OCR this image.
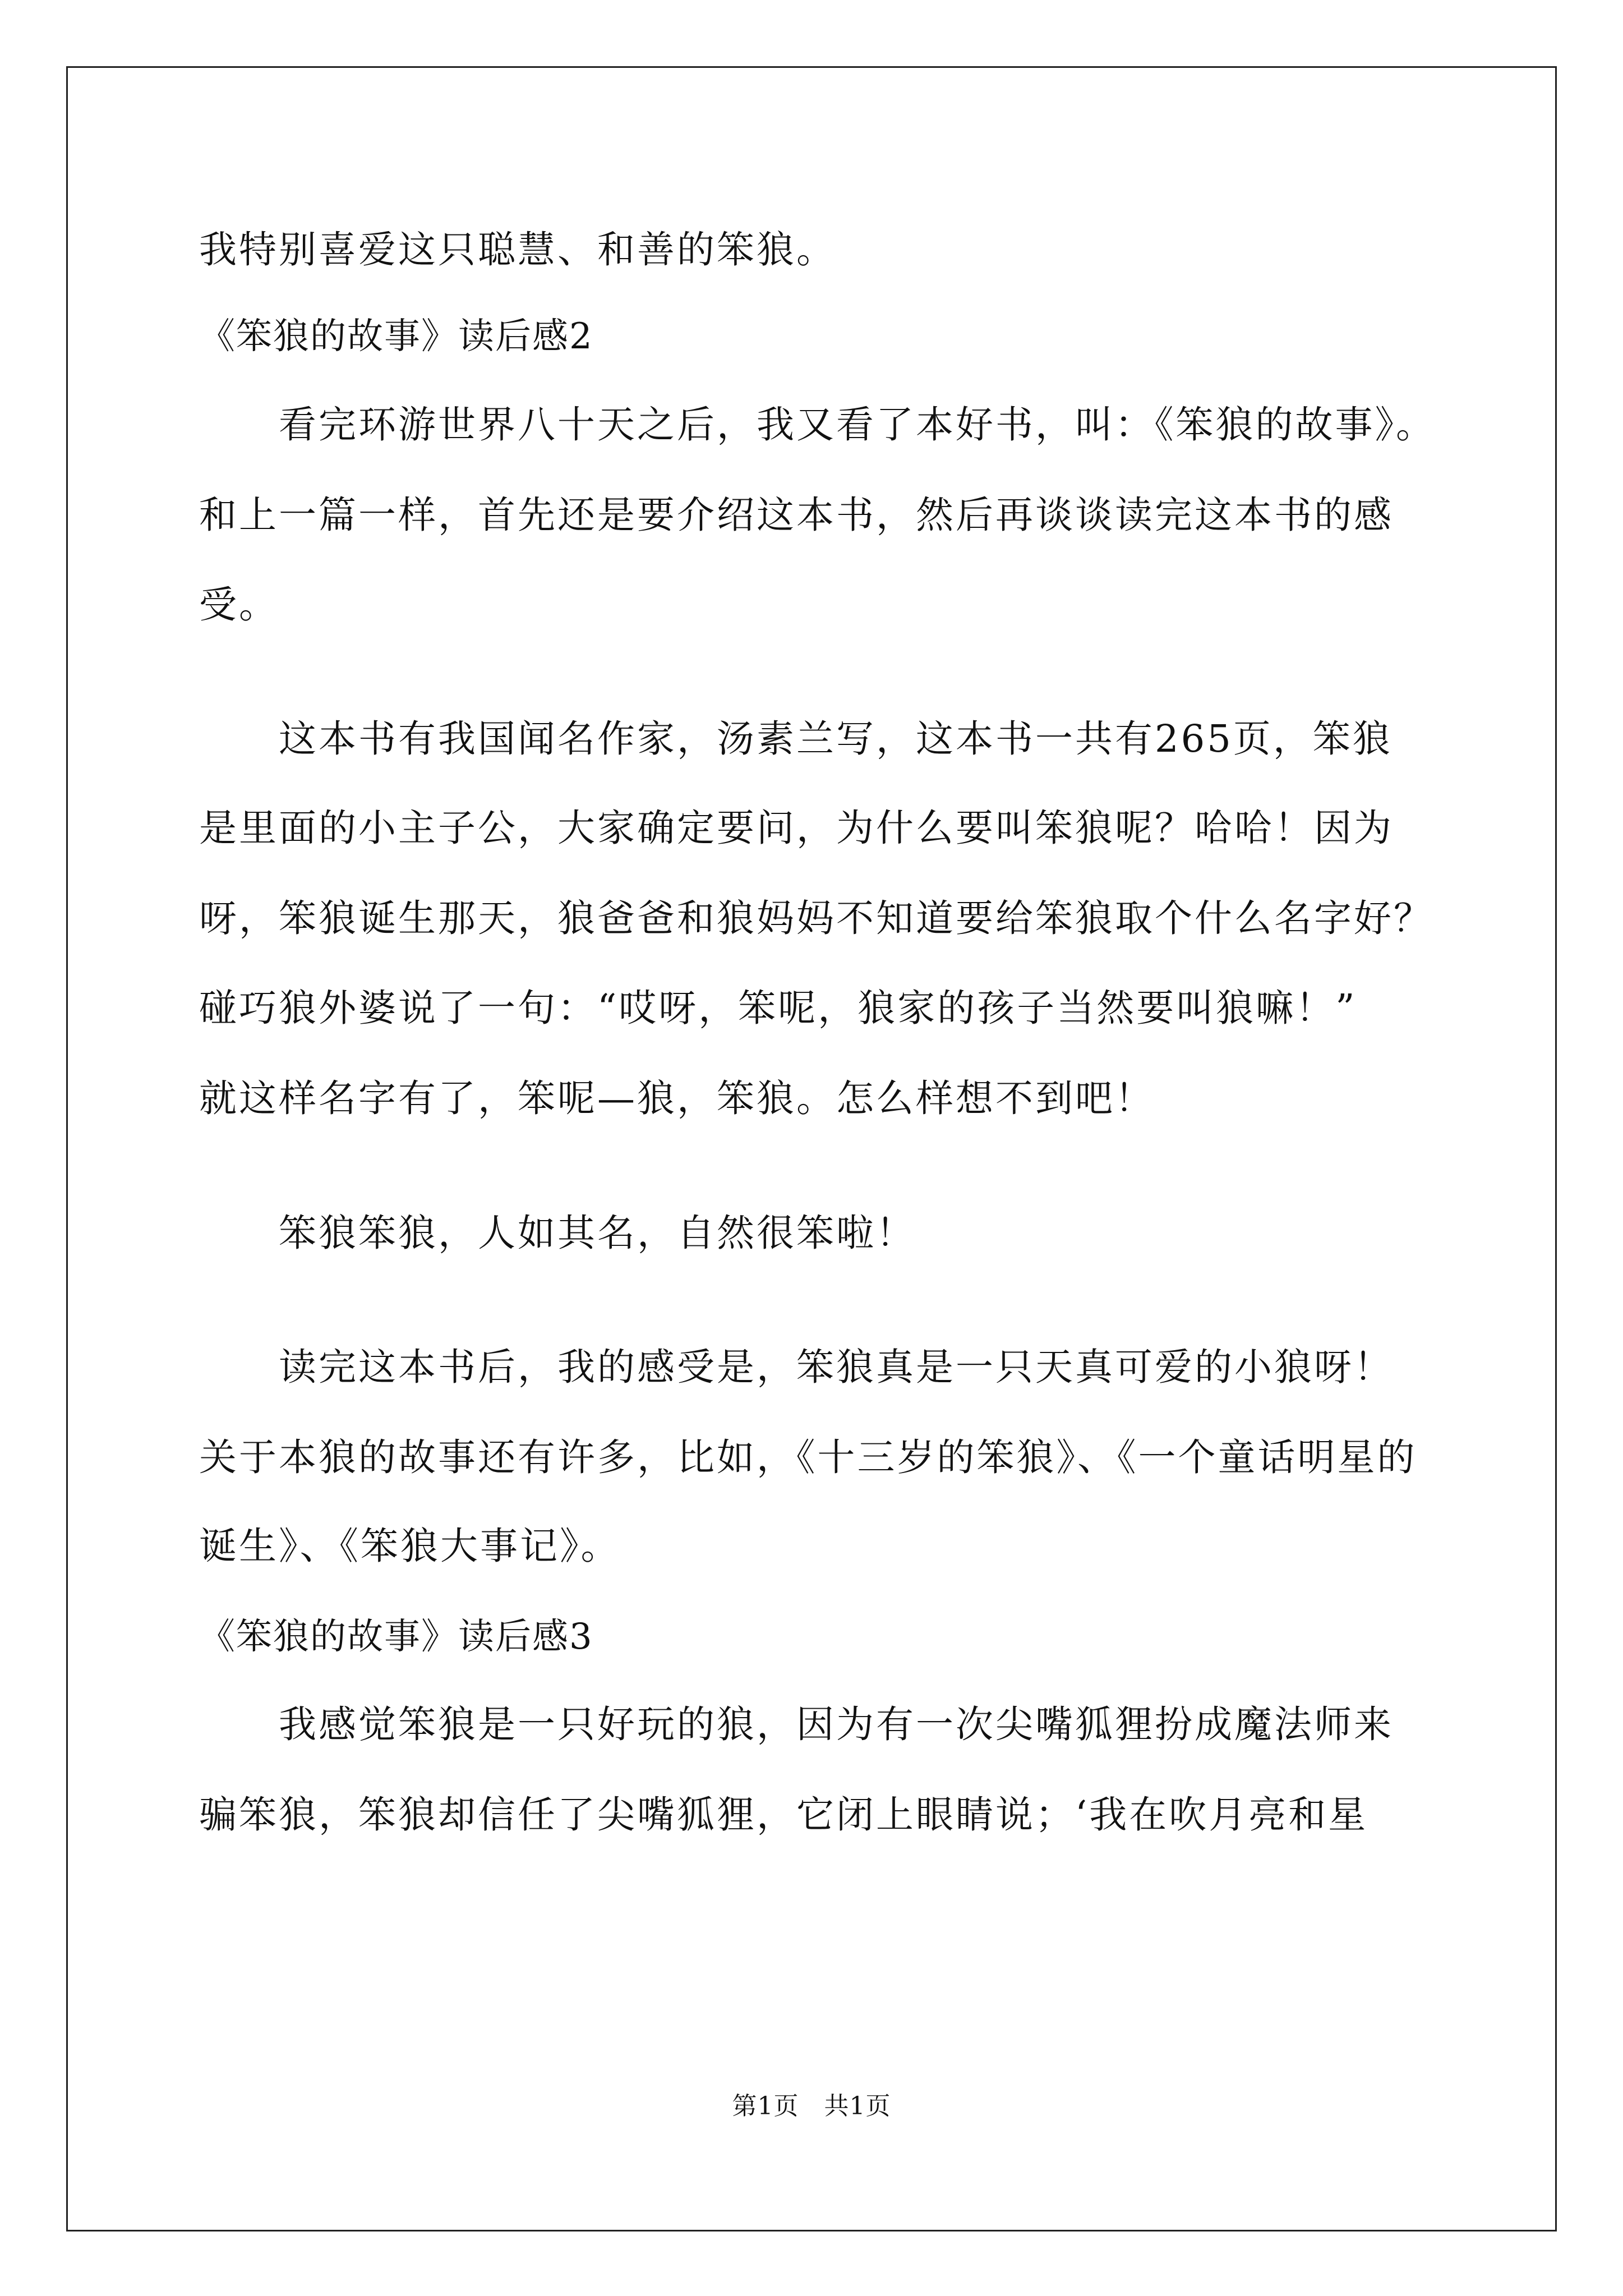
我特别喜爱这只聪慧、和善的笨狼。
《笨狼的故事》读后感2
看完环游世界八十天之后，我又看了本好书，叫：《笨狼的故事》。
和上一篇一样，首先还是要介绍这本书，然后再谈谈读完这本书的感
受。
这本书有我国闻名作家，汤素兰写，这本书一共有265页，笨狼
是里面的小主子公，大家确定要问，为什么要叫笨狼呢？哈哈！因为
呀，笨狼诞生那天，狼爸爸和狼妈妈不知道要给笨狼取个什么名字好？
碰巧狼外婆说了一句：“哎呀，笨呢，狼家的孩子当然要叫狼嘛！”
就这样名字有了，笨呢—狼，笨狼。怎么样想不到吧！
笨狼笨狼，人如其名，自然很笨啦！
读完这本书后，我的感受是，笨狼真是一只天真可爱的小狼呀！
关于本狼的故事还有许多，比如，《十三岁的笨狼》、《一个童话明星的
诞生》、《笨狼大事记》。
《笨狼的故事》读后感3
我感觉笨狼是一只好玩的狼，因为有一次尖嘴狐狸扮成魔法师来
骗笨狼，笨狼却信任了尖嘴狐狸，它闭上眼睛说；‘我在吹月亮和星
第1页   共1页
